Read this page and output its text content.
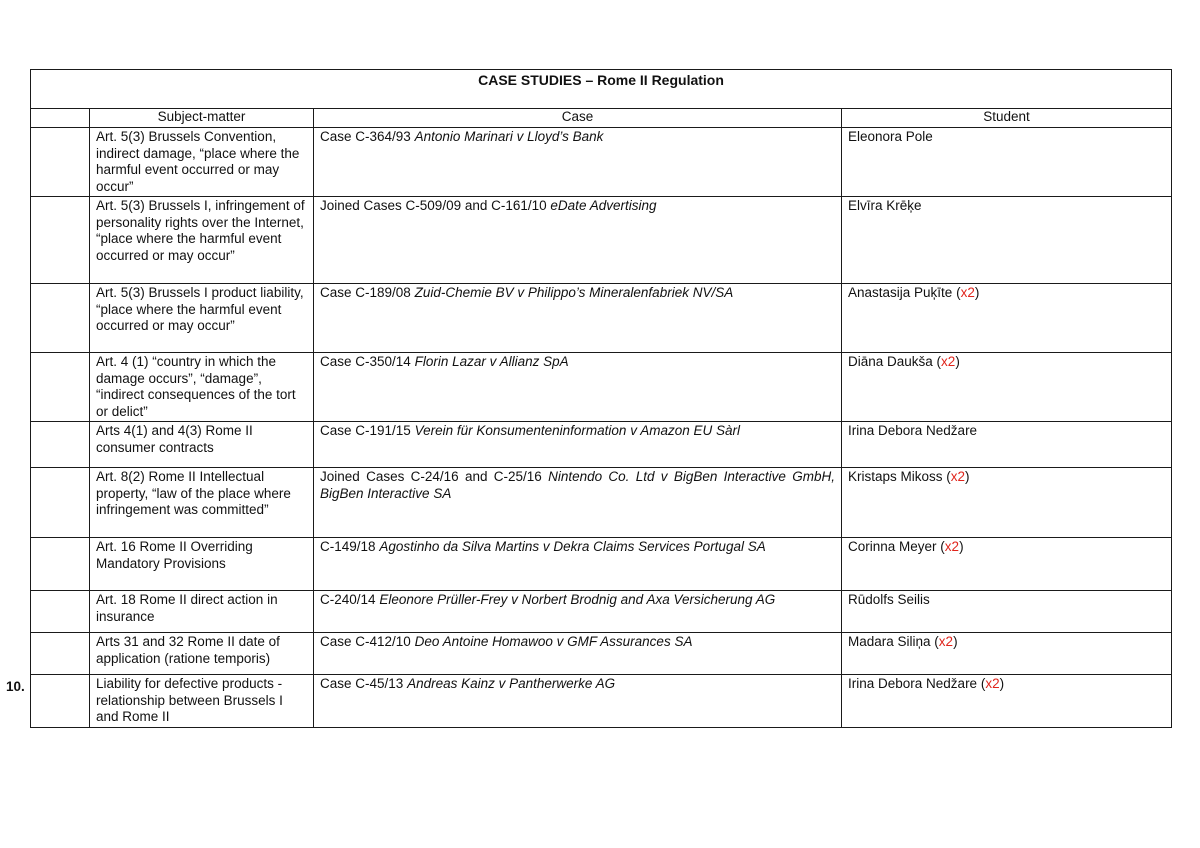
CASE STUDIES – Rome II Regulation			
	Subject-matter	Case	Student
	Art. 5(3) Brussels Convention, indirect damage, “place where the harmful event occurred or may occur”	Case C-364/93 Antonio Marinari v Lloyd’s Bank	Eleonora Pole
	Art. 5(3) Brussels I, infringement of personality rights over the Internet, “place where the harmful event occurred or may occur”	Joined Cases C-509/09 and C-161/10 eDate Advertising	Elvīra Krēķe
	Art. 5(3) Brussels I product liability, “place where the harmful event occurred or may occur”	Case C-189/08 Zuid-Chemie BV v Philippo’s Mineralenfabriek NV/SA	Anastasija Puķīte (x2)
	Art. 4 (1) “country in which the damage occurs”, “damage”, “indirect consequences of the tort or delict”	Case C-350/14 Florin Lazar v Allianz SpA	Diāna Daukša (x2)
	Arts 4(1) and 4(3) Rome II consumer contracts	Case C-191/15 Verein für Konsumenteninformation v Amazon EU Sàrl	Irina Debora Nedžare
	Art. 8(2) Rome II Intellectual property, “law of the place where infringement was committed”	Joined Cases C-24/16 and C-25/16 Nintendo Co. Ltd v BigBen Interactive GmbH, BigBen Interactive SA	Kristaps Mikoss (x2)
	Art. 16 Rome II Overriding Mandatory Provisions	C-149/18 Agostinho da Silva Martins v Dekra Claims Services Portugal SA	Corinna Meyer (x2)
	Art. 18 Rome II direct action in insurance	C-240/14 Eleonore Prüller-Frey v Norbert Brodnig and Axa Versicherung AG	Rūdolfs Seilis
	Arts 31 and 32 Rome II date of application (ratione temporis)	Case C-412/10 Deo Antoine Homawoo v GMF Assurances SA	Madara Siliņa (x2)
	Liability for defective products - relationship between Brussels I and Rome II	Case C-45/13 Andreas Kainz v Pantherwerke AG	Irina Debora Nedžare (x2)
10.
